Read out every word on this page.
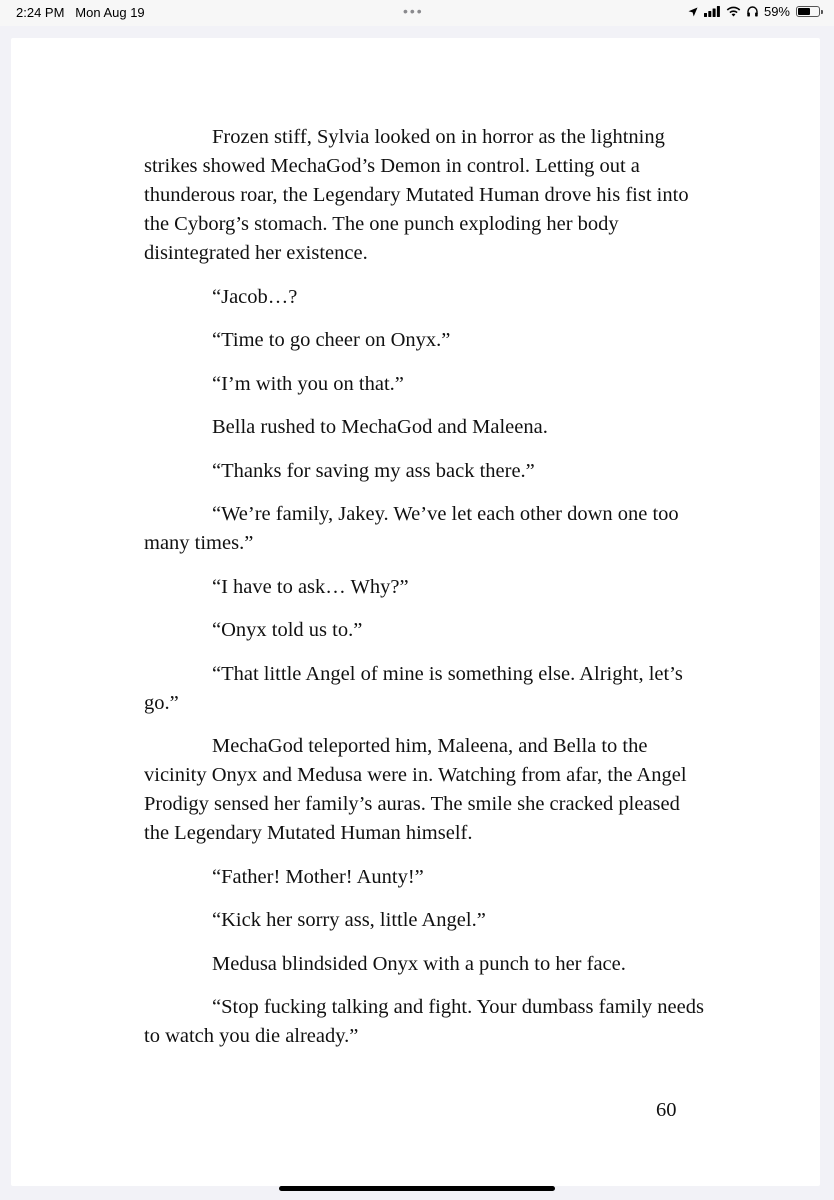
2:24 PM Mon Aug 19	•••	59%

Frozen stiff, Sylvia looked on in horror as the lightning strikes showed MechaGod’s Demon in control. Letting out a thunderous roar, the Legendary Mutated Human drove his fist into the Cyborg’s stomach. The one punch exploding her body disintegrated her existence.

“Jacob…?

“Time to go cheer on Onyx.”

“I’m with you on that.”

Bella rushed to MechaGod and Maleena.

“Thanks for saving my ass back there.”

“We’re family, Jakey. We’ve let each other down one too many times.”

“I have to ask… Why?”

“Onyx told us to.”

“That little Angel of mine is something else. Alright, let’s go.”

MechaGod teleported him, Maleena, and Bella to the vicinity Onyx and Medusa were in. Watching from afar, the Angel Prodigy sensed her family’s auras. The smile she cracked pleased the Legendary Mutated Human himself.

“Father! Mother! Aunty!”

“Kick her sorry ass, little Angel.”

Medusa blindsided Onyx with a punch to her face.

“Stop fucking talking and fight. Your dumbass family needs to watch you die already.”

60
